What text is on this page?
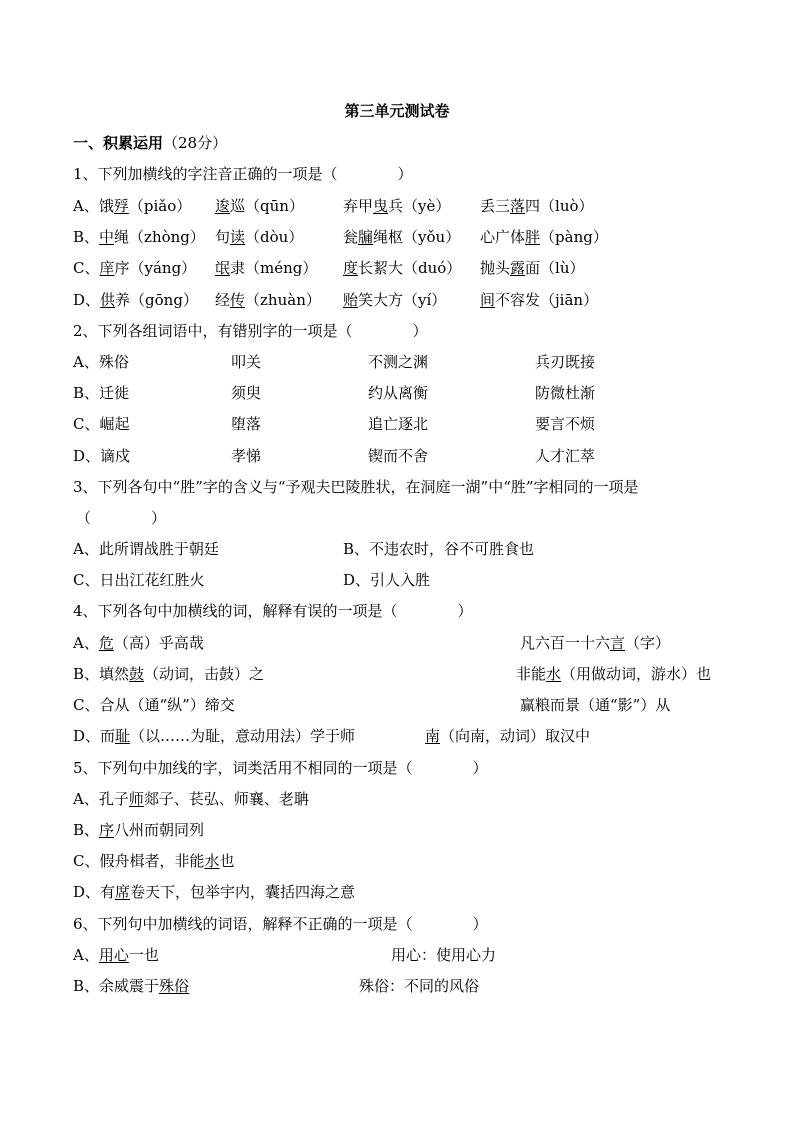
第三单元测试卷
一、积累运用（28分）
1、下列加横线的字注音正确的一项是（　　　　）
A、饿殍（piǎo） 逡巡（qūn）	弃甲曳兵（yè） 丢三落四（luò）
B、中绳（zhòng） 句读（dòu）	瓮牖绳枢（yǒu） 心广体胖（pàng）
C、庠序（yáng） 氓隶（méng） 度长絜大（duó） 抛头露面（lù）
D、供养（gōng） 经传（zhuàn） 贻笑大方（yí） 间不容发（jiān）
2、下列各组词语中，有错别字的一项是（　　　　）
A、殊俗	叩关	不测之渊	兵刃既接
B、迁徙	须臾	约从离衡	防微杜渐
C、崛起	堕落	追亡逐北	要言不烦
D、谪戍	孝悌	锲而不舍	人才汇萃
3、下列各句中“胜”字的含义与“予观夫巴陵胜状，在洞庭一湖”中“胜”字相同的一项是
（　　　　）
A、此所谓战胜于朝廷	B、不违农时，谷不可胜食也
C、日出江花红胜火	D、引人入胜
4、下列各句中加横线的词，解释有误的一项是（　　　　）
A、危（高）乎高哉	凡六百一十六言（字）
B、填然鼓（动词，击鼓）之	非能水（用做动词，游水）也
C、合从（通“纵”）缔交	赢粮而景（通“影”）从
D、而耻（以……为耻，意动用法）学于师	南（向南，动词）取汉中
5、下列句中加线的字，词类活用不相同的一项是（　　　　）
A、孔子师郯子、苌弘、师襄、老聃
B、序八州而朝同列
C、假舟楫者，非能水也
D、有席卷天下，包举宇内，囊括四海之意
6、下列句中加横线的词语，解释不正确的一项是（　　　　）
A、用心一也	用心：使用心力
B、余威震于殊俗	殊俗：不同的风俗
